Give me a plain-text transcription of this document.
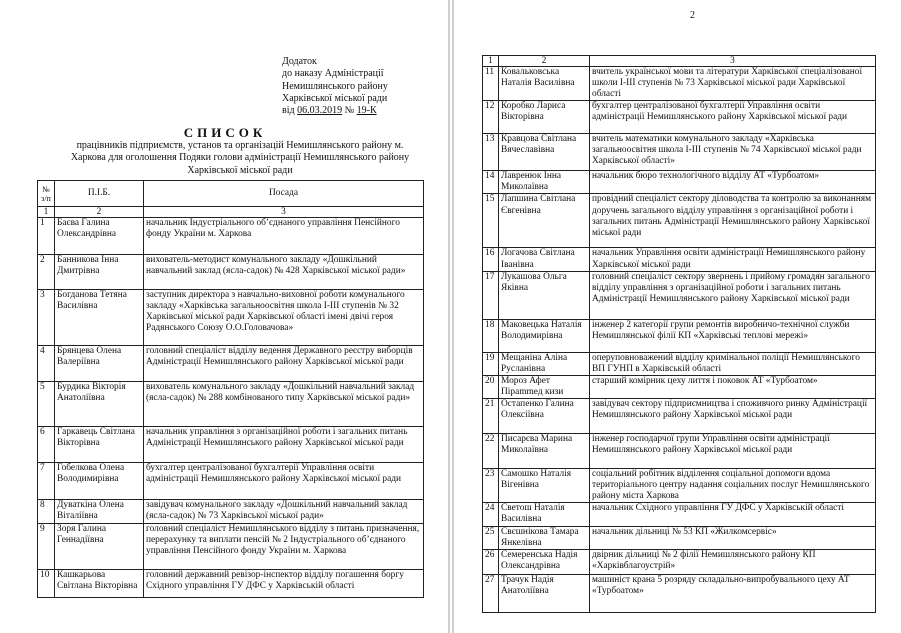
Додаток
до наказу Адміністрації
Немишлянського району
Харківської міської ради
від 06.03.2019 № 19-К
СПИСОК
працівників підприємств, установ та організацій Немишлянського району м. Харкова для оголошення Подяки голови адміністрації Немишлянського району Харківської міської ради
№ з/п	П.І.Б.	Посада
1	2	3
1	Баєва Галина Олександрівна	начальник Індустріального об’єднаного управління Пенсійного фонду України м. Харкова
2	Банникова Інна Дмитрівна	вихователь-методист комунального закладу «Дошкільний навчальний заклад (ясла-садок) № 428 Харківської міської ради»
3	Богданова Тетяна Василівна	заступник директора з навчально-виховної роботи комунального закладу «Харківська загальноосвітня школа І-ІІІ ступенів № 32 Харківської міської ради Харківської області імені двічі героя Радянського Союзу О.О.Головачова»
4	Брянцева Олена Валеріївна	головний спеціаліст відділу ведення Державного реєстру виборців Адміністрації Немишлянського району Харківської міської ради
5	Бурдика Вікторія Анатоліївна	вихователь комунального закладу «Дошкільний навчальний заклад (ясла-садок) № 288 комбінованого типу Харківської міської ради»
6	Гаркавець Світлана Вікторівна	начальник управління з організаційної роботи і загальних питань Адміністрації Немишлянського району Харківської міської ради
7	Гобелкова Олена Володимирівна	бухгалтер централізованої бухгалтерії Управління освіти адміністрації Немишлянського району Харківської міської ради
8	Дуваткіна Олена Віталіївна	завідувач комунального закладу «Дошкільний навчальний заклад (ясла-садок) № 73 Харківської міської ради»
9	Зоря Галина Геннадіївна	головний спеціаліст Немишлянського відділу з питань призначення, перерахунку та виплати пенсій № 2 Індустріального об’єднаного управління Пенсійного фонду України м. Харкова
10	Кашкарьова Світлана Вікторівна	головний державний ревізор-інспектор відділу погашення боргу Східного управління ГУ ДФС у Харківській області
2
1	2	3
11	Ковальковська Наталія Василівна	вчитель української мови та літератури Харківської спеціалізованої школи І-ІІІ ступенів № 73 Харківської міської ради Харківської області
12	Коробко Лариса Вікторівна	бухгалтер централізованої бухгалтерії Управління освіти адміністрації Немишлянського району Харківської міської ради
13	Кравцова Світлана Вячеславівна	вчитель математики комунального закладу «Харківська загальноосвітня школа І-ІІІ ступенів № 74 Харківської міської ради Харківської області»
14	Лавренюк Інна Миколаївна	начальник бюро технологічного відділу АТ «Турбоатом»
15	Лапшина Світлана Євгенівна	провідний спеціаліст сектору діловодства та контролю за виконанням доручень загального відділу управління з організаційної роботи і загальних питань Адміністрації Немишлянського району Харківської міської ради
16	Логачова Світлана Іванівна	начальник Управління освіти адміністрації Немишлянського району Харківської міської ради
17	Лукашова Ольга Яківна	головний спеціаліст сектору звернень і прийому громадян загального відділу управління з організаційної роботи і загальних питань Адміністрації Немишлянського району Харківської міської ради
18	Маковецька Наталія Володимирівна	інженер 2 категорії групи ремонтів виробничо-технічної служби Немишлянської філії КП «Харківські теплові мережі»
19	Мещаніна Аліна Русланівна	оперуповноважений відділу кримінальної поліції Немишлянського ВП ГУНП в Харківській області
20	Мороз Афет Пірammед кизи	старший комірник цеху лиття і поковок АТ «Турбоатом»
21	Остапенко Галина Олексіївна	завідувач сектору підприємництва і споживчого ринку Адміністрації Немишлянського району Харківської міської ради
22	Писарєва Марина Миколаївна	інженер господарчої групи Управління освіти адміністрації Немишлянського району Харківської міської ради
23	Самошко Наталія Вігенівна	соціальний робітник відділення соціальної допомоги вдома територіального центру надання соціальних послуг Немишлянського району міста Харкова
24	Светош Наталія Василівна	начальник Східного управління ГУ ДФС у Харківській області
25	Свєшнікова Тамара Янкелівна	начальник дільниці № 53 КП «Жилкомсервіс»
26	Семеренська Надія Олександрівна	двірник дільниці № 2 філії Немишлянського району КП «Харківблагоустрій»
27	Трачук Надія Анатоліївна	машиніст крана 5 розряду складально-випробувального цеху АТ «Турбоатом»
